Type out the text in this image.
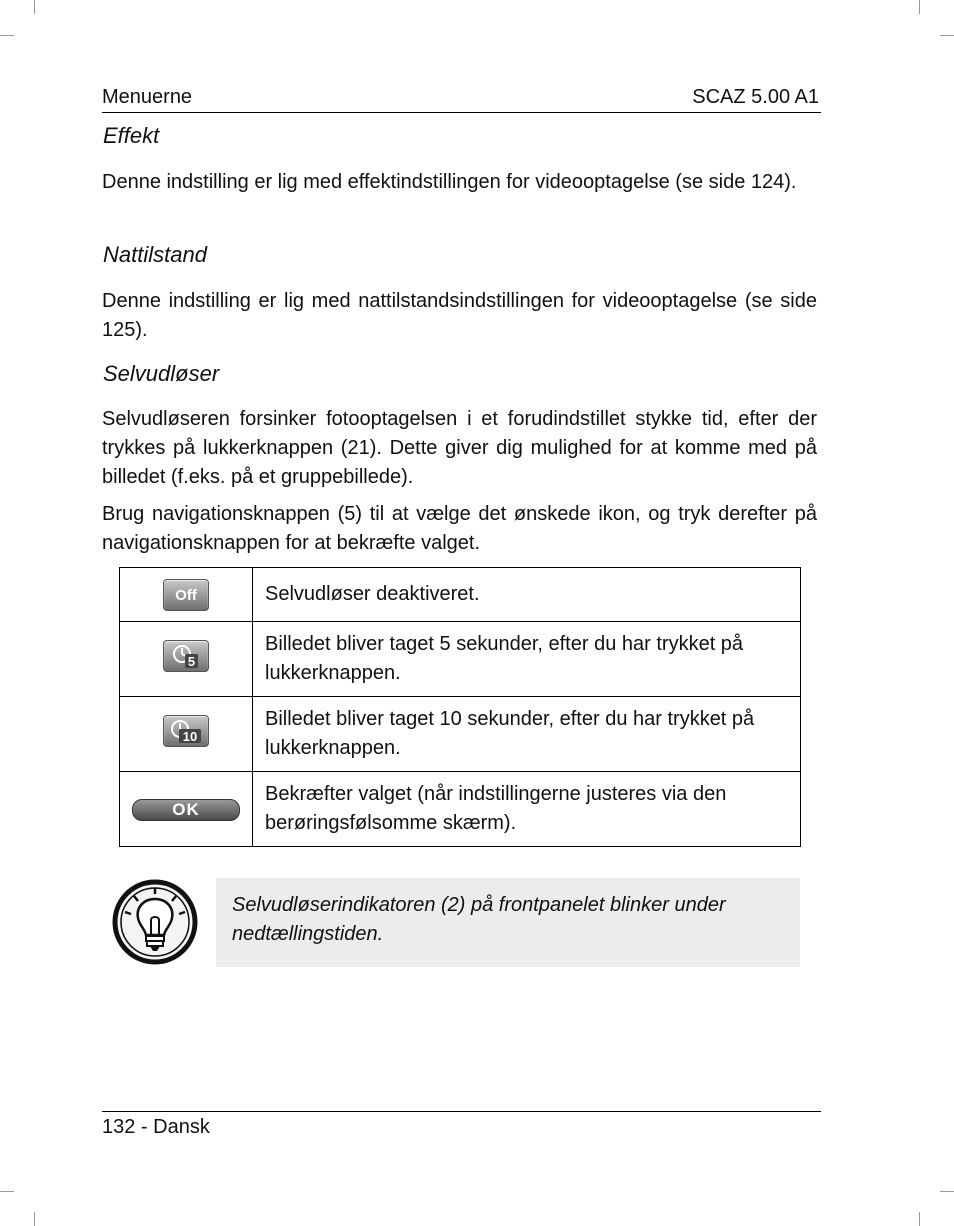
Menuerne	SCAZ 5.00 A1
Effekt

Denne indstilling er lig med effektindstillingen for videooptagelse (se side 124).

Nattilstand

Denne indstilling er lig med nattilstandsindstillingen for videooptagelse (se side 125).

Selvudløser

Selvudløseren forsinker fotooptagelsen i et forudindstillet stykke tid, efter der trykkes på lukkerknappen (21). Dette giver dig mulighed for at komme med på billedet (f.eks. på et gruppebillede).

Brug navigationsknappen (5) til at vælge det ønskede ikon, og tryk derefter på navigationsknappen for at bekræfte valget.

Off	Selvudløser deaktiveret.

5	Billedet bliver taget 5 sekunder, efter du har trykket på lukkerknappen.

10	Billedet bliver taget 10 sekunder, efter du har trykket på lukkerknappen.
OK	Bekræfter valget (når indstillingerne justeres via den berøringsfølsomme skærm).

Selvudløserindikatoren (2) på frontpanelet blinker under nedtællingstiden.

132 - Dansk
